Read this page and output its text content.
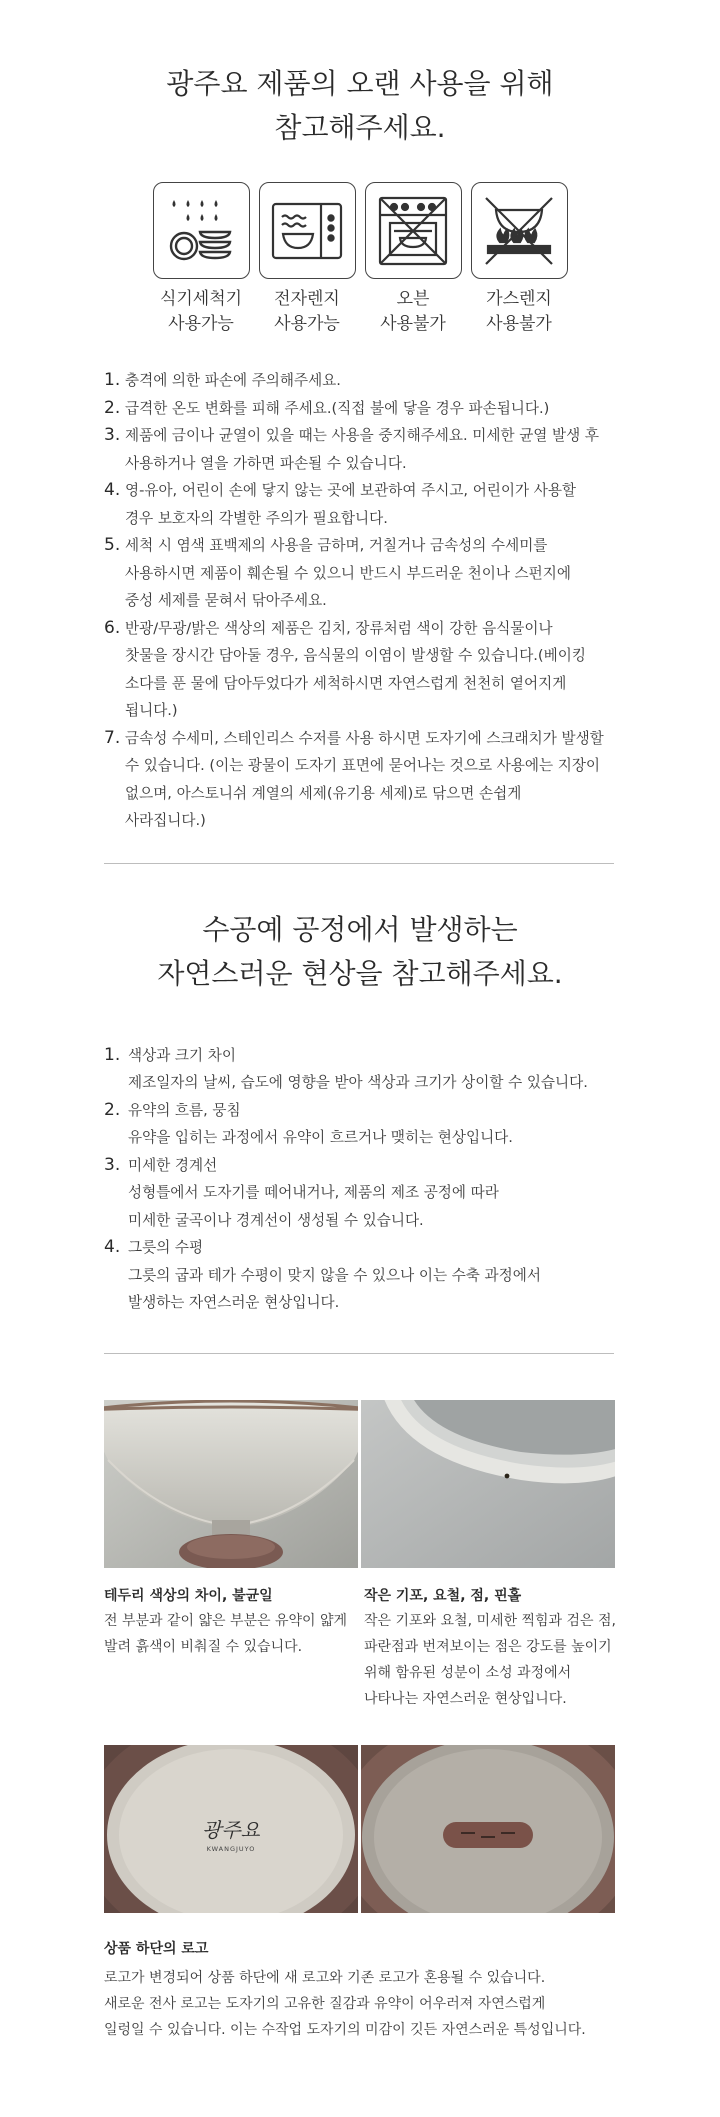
광주요 제품의 오랜 사용을 위해
참고해주세요.
식기세척기
사용가능
전자렌지
사용가능
오븐
사용불가
가스렌지
사용불가
1. 충격에 의한 파손에 주의해주세요.
2. 급격한 온도 변화를 피해 주세요.(직접 불에 닿을 경우 파손됩니다.)
3. 제품에 금이나 균열이 있을 때는 사용을 중지해주세요. 미세한 균열 발생 후
사용하거나 열을 가하면 파손될 수 있습니다.
4. 영-유아, 어린이 손에 닿지 않는 곳에 보관하여 주시고, 어린이가 사용할
경우 보호자의 각별한 주의가 필요합니다.
5. 세척 시 염색 표백제의 사용을 금하며, 거칠거나 금속성의 수세미를
사용하시면 제품이 훼손될 수 있으니 반드시 부드러운 천이나 스펀지에
중성 세제를 묻혀서 닦아주세요.
6. 반광/무광/밝은 색상의 제품은 김치, 장류처럼 색이 강한 음식물이나
찻물을 장시간 담아둘 경우, 음식물의 이염이 발생할 수 있습니다.(베이킹
소다를 푼 물에 담아두었다가 세척하시면 자연스럽게 천천히 옅어지게
됩니다.)
7. 금속성 수세미, 스테인리스 수저를 사용 하시면 도자기에 스크래치가 발생할
수 있습니다. (이는 광물이 도자기 표면에 묻어나는 것으로 사용에는 지장이
없으며, 아스토니쉬 계열의 세제(유기용 세제)로 닦으면 손쉽게
사라집니다.)
수공예 공정에서 발생하는
자연스러운 현상을 참고해주세요.
1. 색상과 크기 차이
제조일자의 날씨, 습도에 영향을 받아 색상과 크기가 상이할 수 있습니다.
2. 유약의 흐름, 뭉침
유약을 입히는 과정에서 유약이 흐르거나 맺히는 현상입니다.
3. 미세한 경계선
성형틀에서 도자기를 떼어내거나, 제품의 제조 공정에 따라
미세한 굴곡이나 경계선이 생성될 수 있습니다.
4. 그릇의 수평
그릇의 굽과 테가 수평이 맞지 않을 수 있으나 이는 수축 과정에서
발생하는 자연스러운 현상입니다.
테두리 색상의 차이, 불균일
전 부분과 같이 얇은 부분은 유약이 얇게
발려 흙색이 비춰질 수 있습니다.
작은 기포, 요철, 점, 핀홀
작은 기포와 요철, 미세한 찍힘과 검은 점,
파란점과 번져보이는 점은 강도를 높이기
위해 함유된 성분이 소성 과정에서
나타나는 자연스러운 현상입니다.
광주요
KWANGJUYO
상품 하단의 로고
로고가 변경되어 상품 하단에 새 로고와 기존 로고가 혼용될 수 있습니다.
새로운 전사 로고는 도자기의 고유한 질감과 유약이 어우러져 자연스럽게
일렁일 수 있습니다. 이는 수작업 도자기의 미감이 깃든 자연스러운 특성입니다.
